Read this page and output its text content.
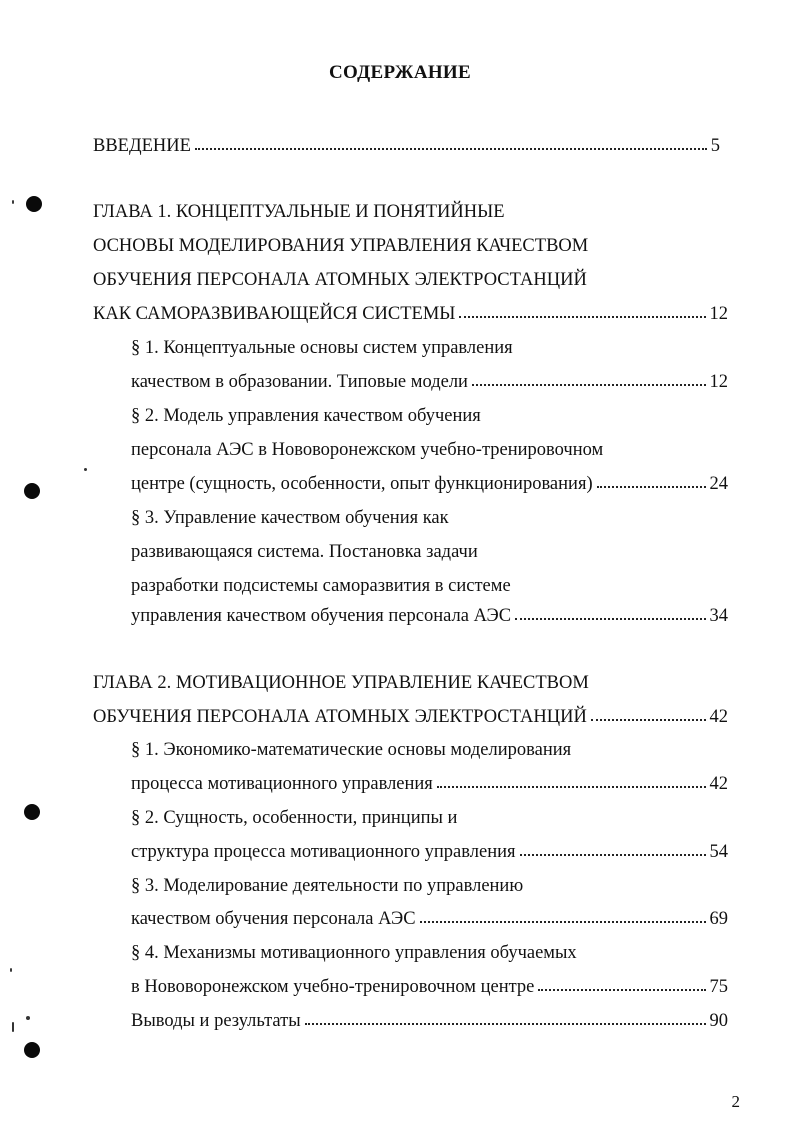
СОДЕРЖАНИЕ
ВВЕДЕНИЕ	5
ГЛАВА 1. КОНЦЕПТУАЛЬНЫЕ И ПОНЯТИЙНЫЕ
ОСНОВЫ МОДЕЛИРОВАНИЯ УПРАВЛЕНИЯ КАЧЕСТВОМ
ОБУЧЕНИЯ ПЕРСОНАЛА АТОМНЫХ ЭЛЕКТРОСТАНЦИЙ
КАК САМОРАЗВИВАЮЩЕЙСЯ СИСТЕМЫ	12
§ 1. Концептуальные основы систем управления
качеством в образовании. Типовые модели	12
§ 2. Модель управления качеством обучения
персонала АЭС в Нововоронежском учебно-тренировочном
центре (сущность, особенности, опыт функционирования)	24
§ 3. Управление качеством обучения как
развивающаяся система. Постановка задачи
разработки подсистемы саморазвития в системе
управления качеством обучения персонала АЭС	34
ГЛАВА 2. МОТИВАЦИОННОЕ УПРАВЛЕНИЕ КАЧЕСТВОМ
ОБУЧЕНИЯ ПЕРСОНАЛА АТОМНЫХ ЭЛЕКТРОСТАНЦИЙ	42
§ 1. Экономико-математические основы моделирования
процесса мотивационного управления	42
§ 2. Сущность, особенности, принципы и
структура процесса мотивационного управления	54
§ 3. Моделирование деятельности по управлению
качеством обучения персонала АЭС	69
§ 4. Механизмы мотивационного управления обучаемых
в Нововоронежском учебно-тренировочном центре	75
Выводы и результаты	90
2
